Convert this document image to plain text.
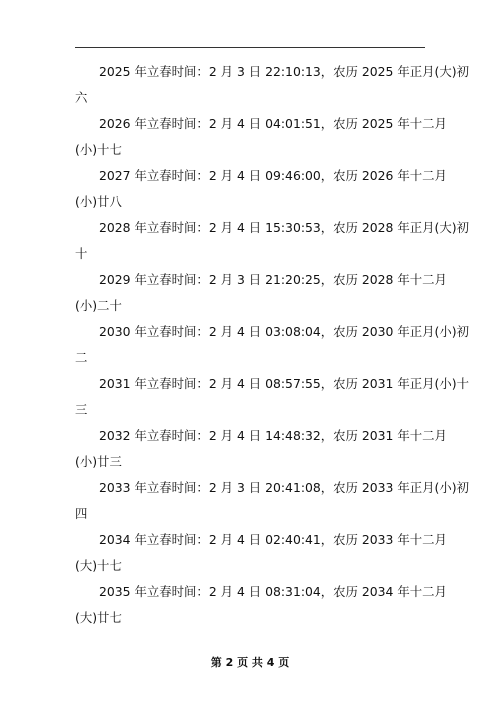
2025 年立春时间：2 月 3 日 22:10:13，农历 2025 年正月(大)初
六
2026 年立春时间：2 月 4 日 04:01:51，农历 2025 年十二月
(小)十七
2027 年立春时间：2 月 4 日 09:46:00，农历 2026 年十二月
(小)廿八
2028 年立春时间：2 月 4 日 15:30:53，农历 2028 年正月(大)初
十
2029 年立春时间：2 月 3 日 21:20:25，农历 2028 年十二月
(小)二十
2030 年立春时间：2 月 4 日 03:08:04，农历 2030 年正月(小)初
二
2031 年立春时间：2 月 4 日 08:57:55，农历 2031 年正月(小)十
三
2032 年立春时间：2 月 4 日 14:48:32，农历 2031 年十二月
(小)廿三
2033 年立春时间：2 月 3 日 20:41:08，农历 2033 年正月(小)初
四
2034 年立春时间：2 月 4 日 02:40:41，农历 2033 年十二月
(大)十七
2035 年立春时间：2 月 4 日 08:31:04，农历 2034 年十二月
(大)廿七
第 2 页 共 4 页
